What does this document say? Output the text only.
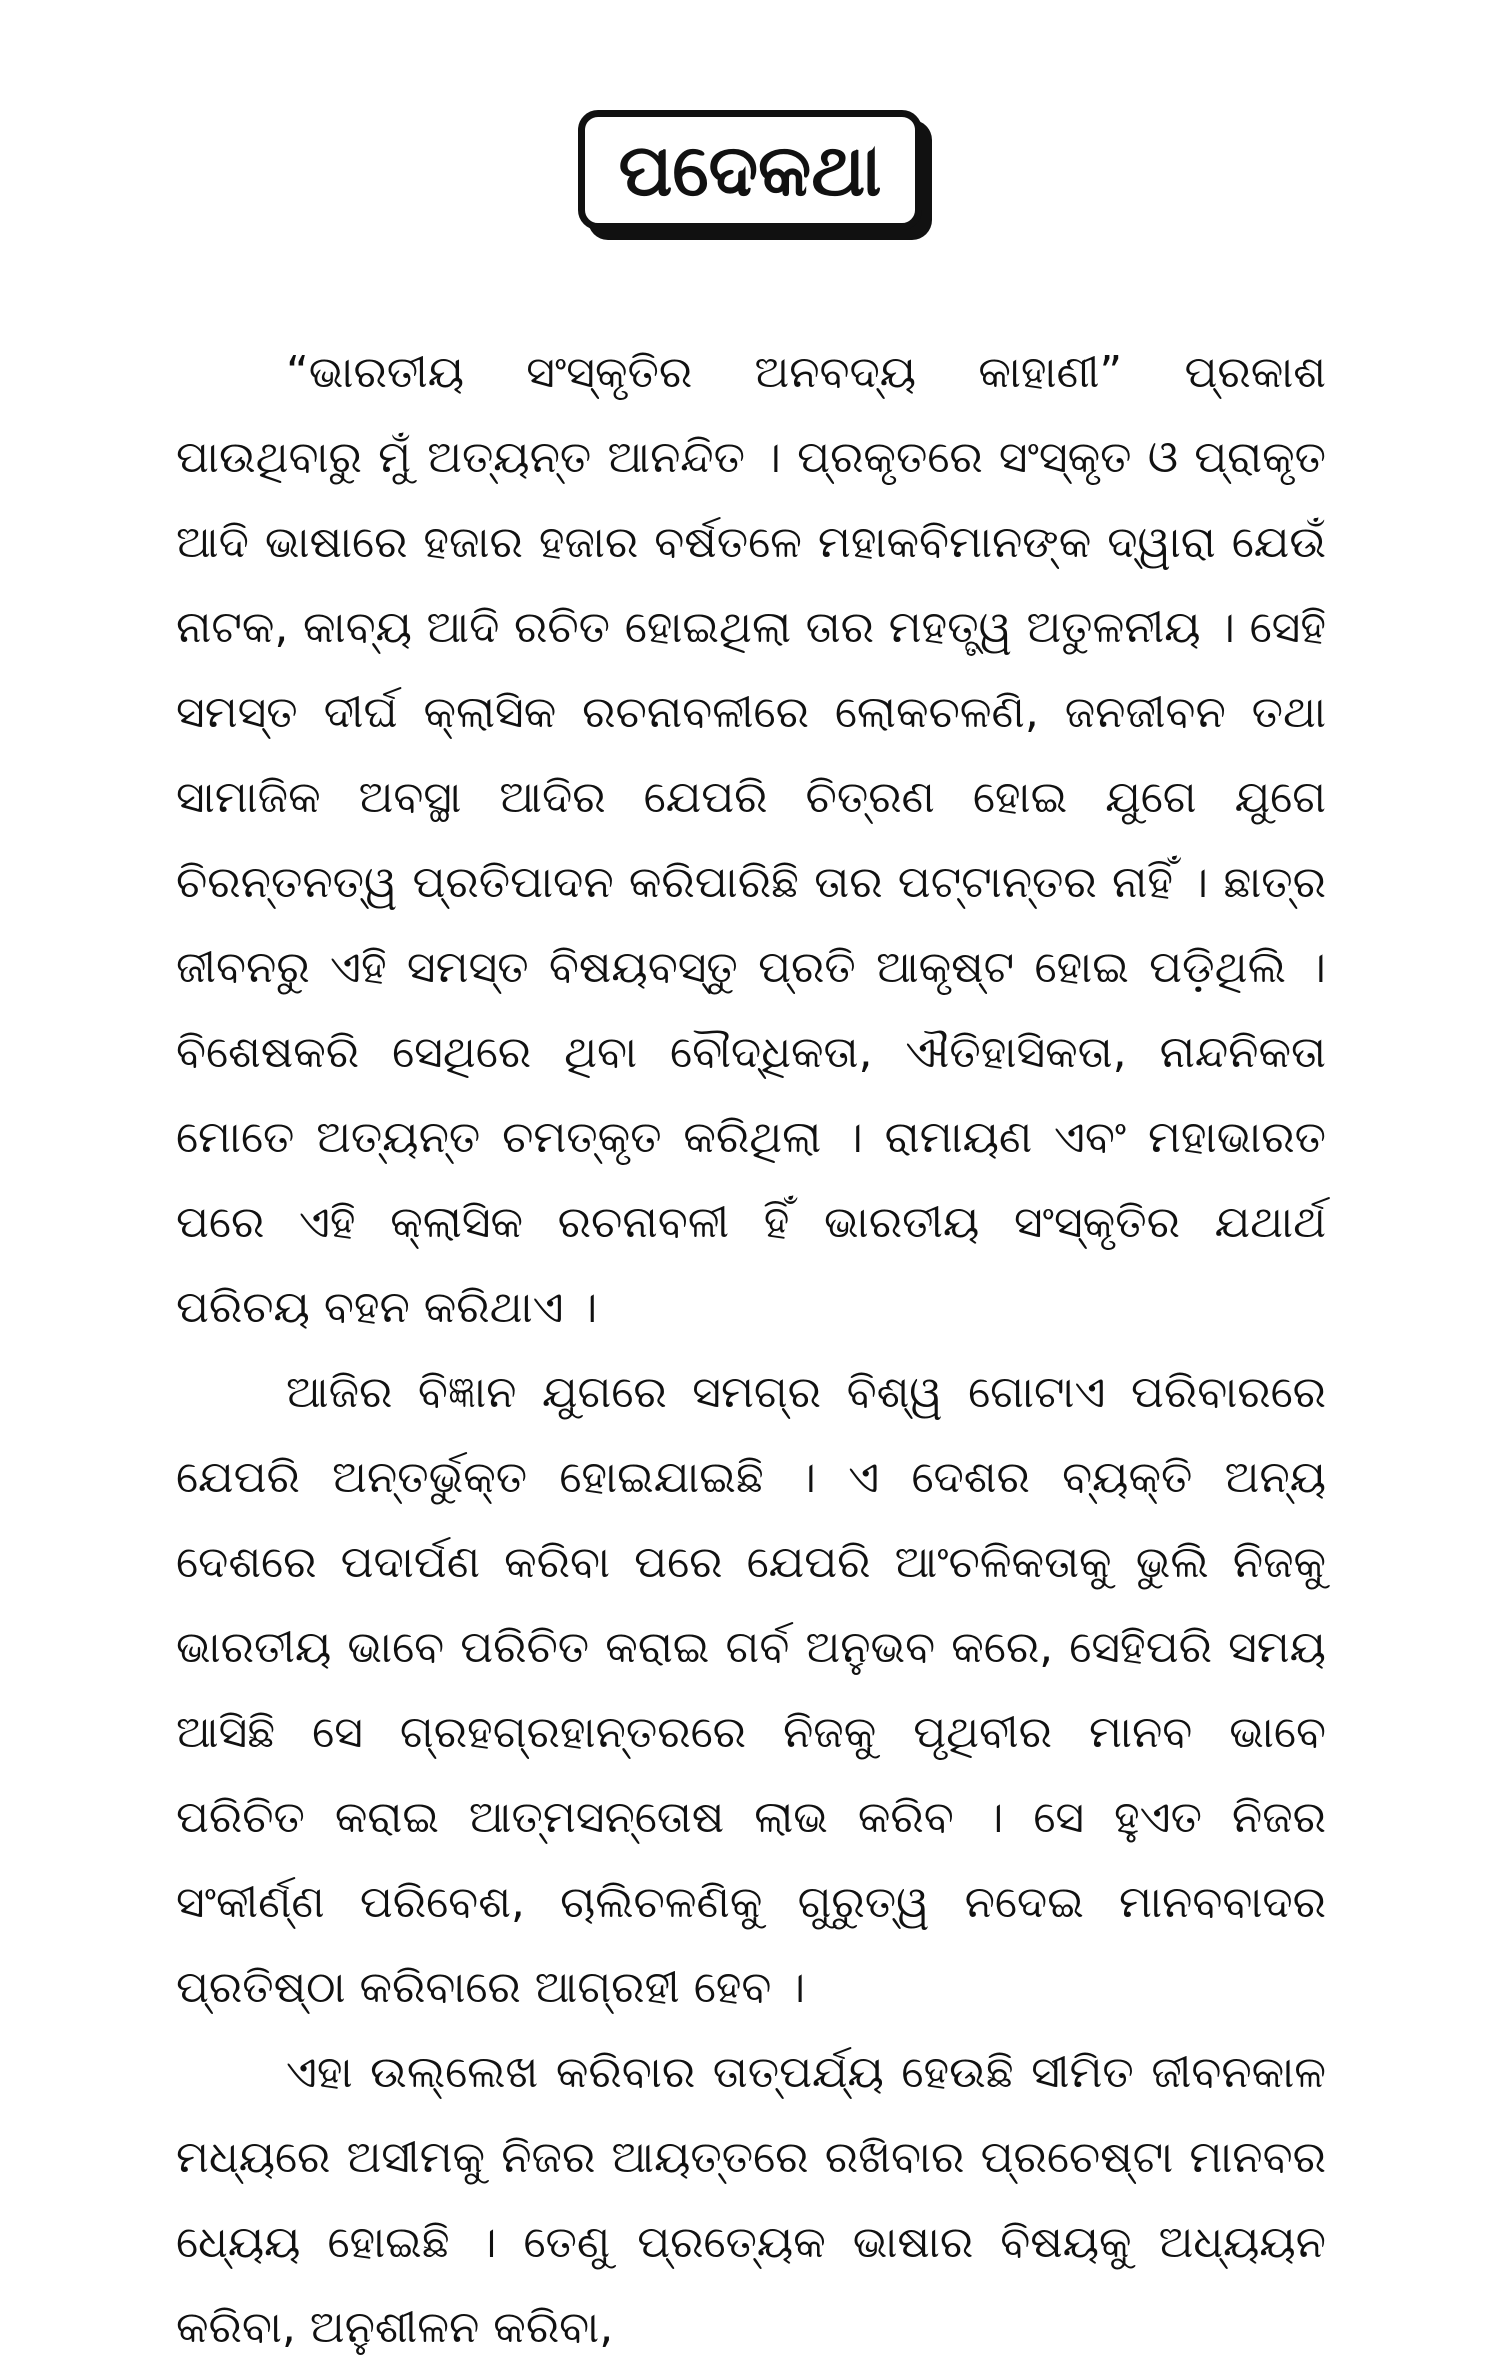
ପଦେକଥା

“ଭାରତୀୟ ସଂସ୍କୃତିର ଅନବଦ୍ୟ କାହାଣୀ” ପ୍ରକାଶ ପାଉଥିବାରୁ ମୁଁ ଅତ୍ୟନ୍ତ ଆନନ୍ଦିତ । ପ୍ରକୃତରେ ସଂସ୍କୃତ ଓ ପ୍ରାକୃତ ଆଦି ଭାଷାରେ ହଜାର ହଜାର ବର୍ଷତଳେ ମହାକବିମାନଙ୍କ ଦ୍ୱାରା ଯେଉଁ ନାଟକ, କାବ୍ୟ ଆଦି ରଚିତ ହୋଇଥିଲା ତାର ମହତ୍ତ୍ୱ ଅତୁଳନୀୟ । ସେହି ସମସ୍ତ ଦୀର୍ଘ କ୍ଲାସିକ ରଚନାବଳୀରେ ଲୋକଚଳଣି, ଜନଜୀବନ ତଥା ସାମାଜିକ ଅବସ୍ଥା ଆଦିର ଯେପରି ଚିତ୍ରଣ ହୋଇ ଯୁଗେ ଯୁଗେ ଚିରନ୍ତନତ୍ୱ ପ୍ରତିପାଦନ କରିପାରିଛି ତାର ପଟ୍ଟାନ୍ତର ନାହିଁ । ଛାତ୍ର ଜୀବନରୁ ଏହି ସମସ୍ତ ବିଷୟବସ୍ତୁ ପ୍ରତି ଆକୃଷ୍ଟ ହୋଇ ପଡ଼ିଥିଲି । ବିଶେଷକରି ସେଥିରେ ଥିବା ବୌଦ୍ଧିକତା, ଐତିହାସିକତା, ନାନ୍ଦନିକତା ମୋତେ ଅତ୍ୟନ୍ତ ଚମତ୍କୃତ କରିଥିଲା । ରାମାୟଣ ଏବଂ ମହାଭାରତ ପରେ ଏହି କ୍ଲାସିକ ରଚନାବଳୀ ହିଁ ଭାରତୀୟ ସଂସ୍କୃତିର ଯଥାର୍ଥ ପରିଚୟ ବହନ କରିଥାଏ ।

ଆଜିର ବିଜ୍ଞାନ ଯୁଗରେ ସମଗ୍ର ବିଶ୍ୱ ଗୋଟାଏ ପରିବାରରେ ଯେପରି ଅନ୍ତର୍ଭୁକ୍ତ ହୋଇଯାଇଛି । ଏ ଦେଶର ବ୍ୟକ୍ତି ଅନ୍ୟ ଦେଶରେ ପଦାର୍ପଣ କରିବା ପରେ ଯେପରି ଆଂଚଳିକତାକୁ ଭୁଲି ନିଜକୁ ଭାରତୀୟ ଭାବେ ପରିଚିତ କରାଇ ଗର୍ବ ଅନୁଭବ କରେ, ସେହିପରି ସମୟ ଆସିଛି ସେ ଗ୍ରହଗ୍ରହାନ୍ତରରେ ନିଜକୁ ପୃଥିବୀର ମାନବ ଭାବେ ପରିଚିତ କରାଇ ଆତ୍ମସନ୍ତୋଷ ଲାଭ କରିବ । ସେ ହୁଏତ ନିଜର ସଂକୀର୍ଣ୍ଣ ପରିବେଶ, ଚାଲିଚଳଣିକୁ ଗୁରୁତ୍ୱ ନଦେଇ ମାନବବାଦର ପ୍ରତିଷ୍ଠା କରିବାରେ ଆଗ୍ରହୀ ହେବ ।

ଏହା ଉଲ୍ଲେଖ କରିବାର ତାତ୍ପର୍ଯ୍ୟ ହେଉଛି ସୀମିତ ଜୀବନକାଳ ମଧ୍ୟରେ ଅସୀମକୁ ନିଜର ଆୟତ୍ତରେ ରଖିବାର ପ୍ରଚେଷ୍ଟା ମାନବର ଧ୍ୟେୟ ହୋଇଛି । ତେଣୁ ପ୍ରତ୍ୟେକ ଭାଷାର ବିଷୟକୁ ଅଧ୍ୟୟନ କରିବା, ଅନୁଶୀଳନ କରିବା,
